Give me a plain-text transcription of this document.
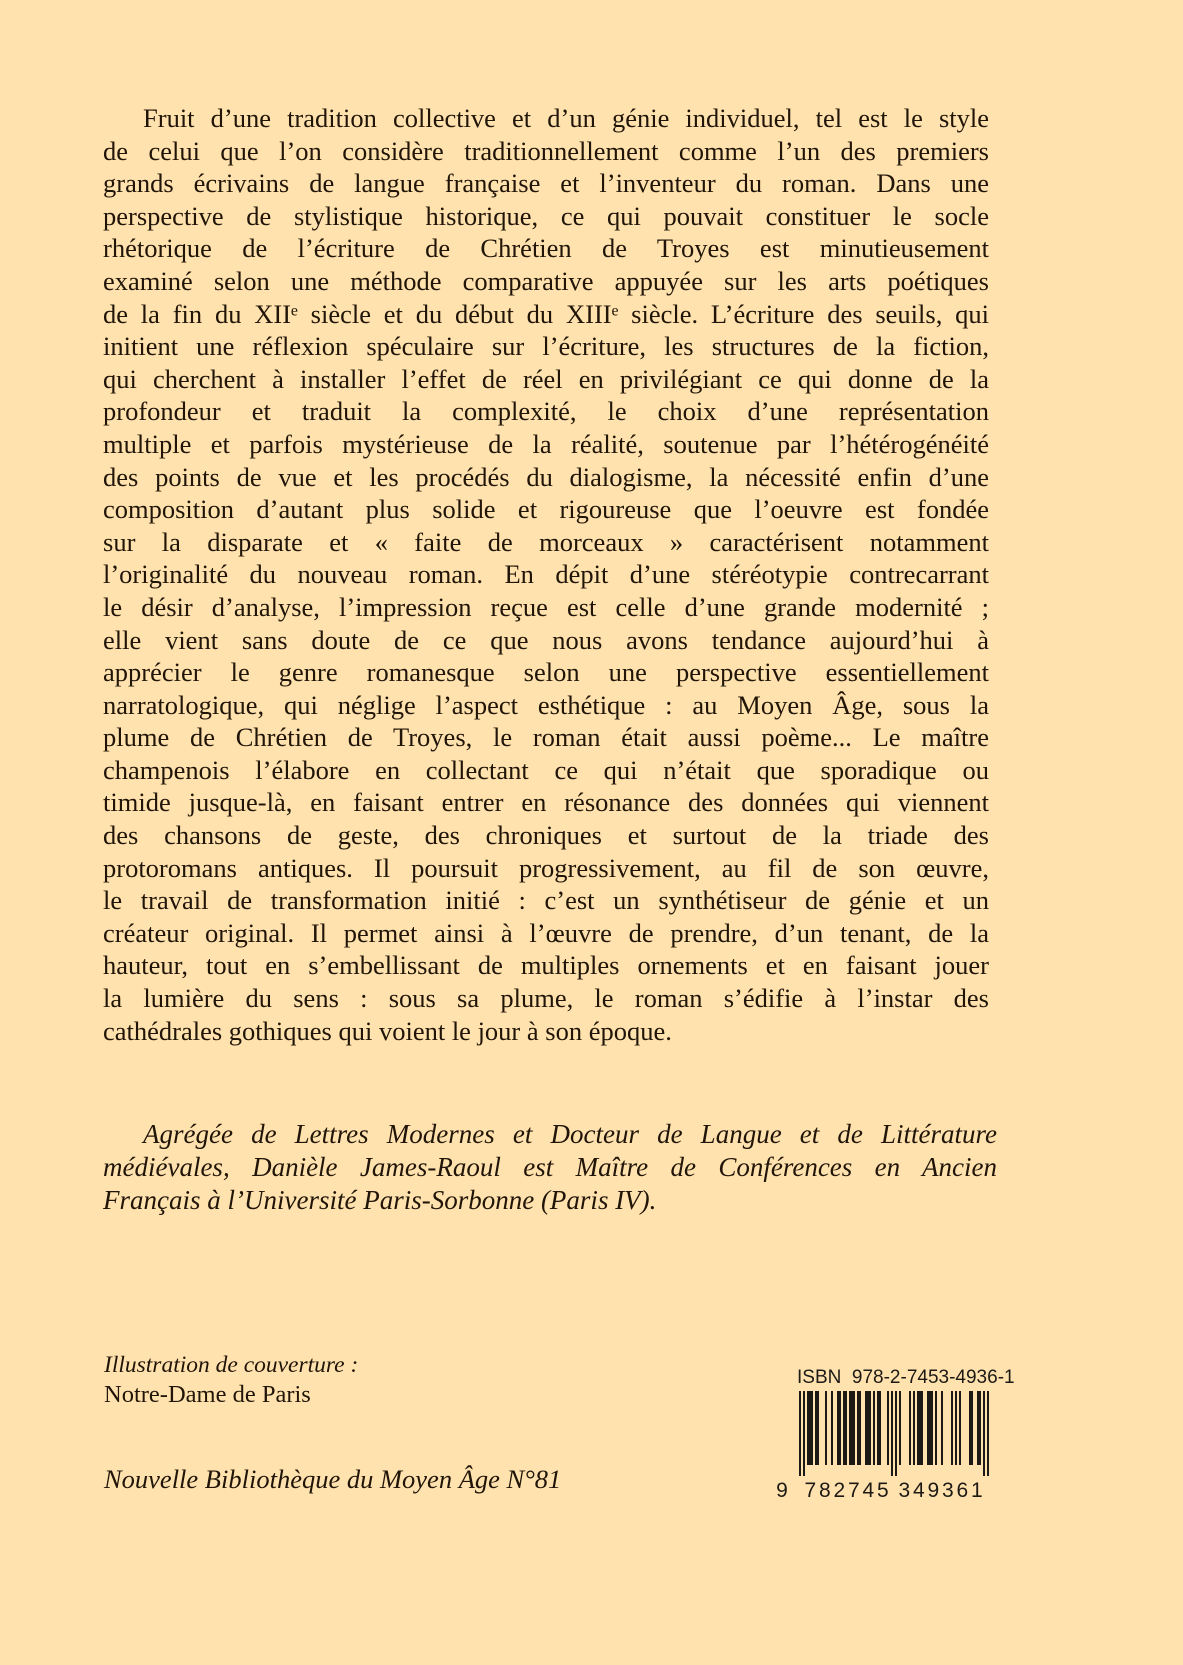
Fruit d’une tradition collective et d’un génie individuel, tel est le style
de celui que l’on considère traditionnellement comme l’un des premiers
grands écrivains de langue française et l’inventeur du roman. Dans une
perspective de stylistique historique, ce qui pouvait constituer le socle
rhétorique de l’écriture de Chrétien de Troyes est minutieusement
examiné selon une méthode comparative appuyée sur les arts poétiques
de la fin du XIIᵉ siècle et du début du XIIIᵉ siècle. L’écriture des seuils, qui
initient une réflexion spéculaire sur l’écriture, les structures de la fiction,
qui cherchent à installer l’effet de réel en privilégiant ce qui donne de la
profondeur et traduit la complexité, le choix d’une représentation
multiple et parfois mystérieuse de la réalité, soutenue par l’hétérogénéité
des points de vue et les procédés du dialogisme, la nécessité enfin d’une
composition d’autant plus solide et rigoureuse que l’oeuvre est fondée
sur la disparate et « faite de morceaux » caractérisent notamment
l’originalité du nouveau roman. En dépit d’une stéréotypie contrecarrant
le désir d’analyse, l’impression reçue est celle d’une grande modernité ;
elle vient sans doute de ce que nous avons tendance aujourd’hui à
apprécier le genre romanesque selon une perspective essentiellement
narratologique, qui néglige l’aspect esthétique : au Moyen Âge, sous la
plume de Chrétien de Troyes, le roman était aussi poème... Le maître
champenois l’élabore en collectant ce qui n’était que sporadique ou
timide jusque-là, en faisant entrer en résonance des données qui viennent
des chansons de geste, des chroniques et surtout de la triade des
protoromans antiques. Il poursuit progressivement, au fil de son œuvre,
le travail de transformation initié : c’est un synthétiseur de génie et un
créateur original. Il permet ainsi à l’œuvre de prendre, d’un tenant, de la
hauteur, tout en s’embellissant de multiples ornements et en faisant jouer
la lumière du sens : sous sa plume, le roman s’édifie à l’instar des
cathédrales gothiques qui voient le jour à son époque.
Agrégée de Lettres Modernes et Docteur de Langue et de Littérature
médiévales, Danièle James-Raoul est Maître de Conférences en Ancien
Français à l’Université Paris-Sorbonne (Paris IV).
Illustration de couverture :
Notre-Dame de Paris
Nouvelle Bibliothèque du Moyen Âge N°81
ISBN  978-2-7453-4936-1
9 782745 349361
